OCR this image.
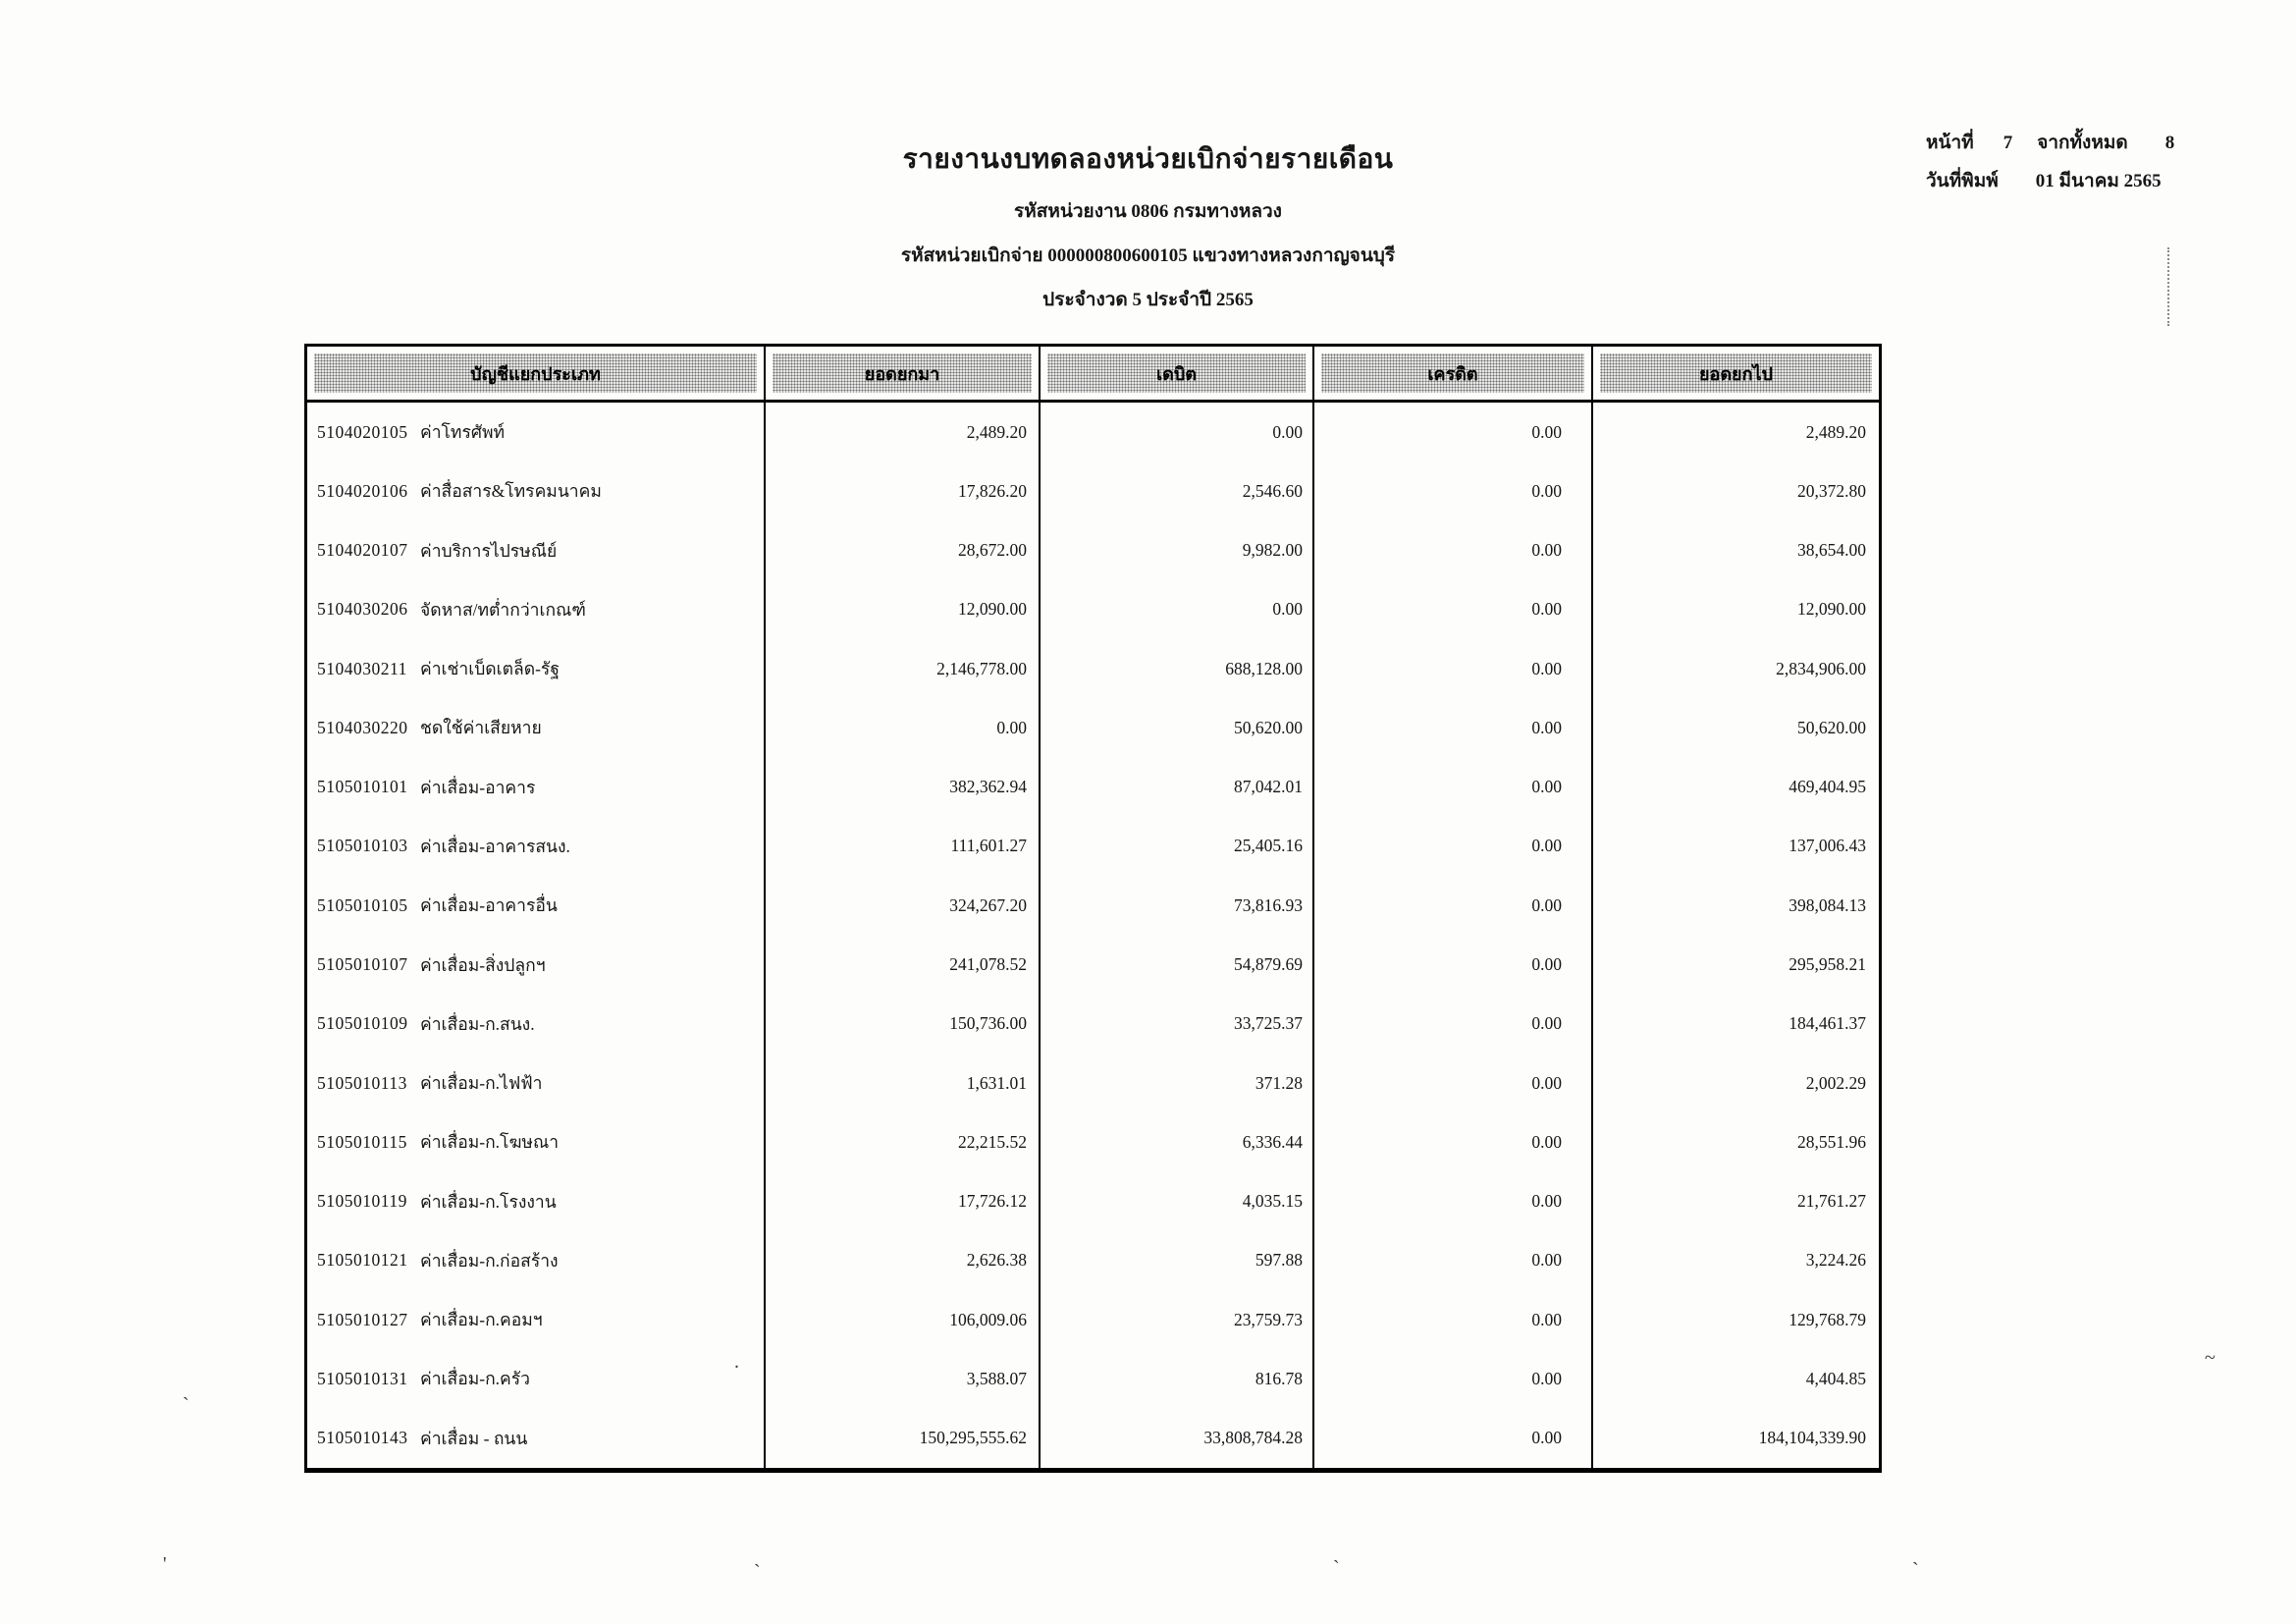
รายงานงบทดลองหน่วยเบิกจ่ายรายเดือน
รหัสหน่วยงาน 0806 กรมทางหลวง
รหัสหน่วยเบิกจ่าย 000000800600105 แขวงทางหลวงกาญจนบุรี
ประจำงวด 5 ประจำปี 2565
หน้าที่ 7 จากทั้งหมด 8
วันที่พิมพ์ 01 มีนาคม 2565
บัญชีแยกประเภท	ยอดยกมา	เดบิต	เครดิต	ยอดยกไป
5104020105 ค่าโทรศัพท์	2,489.20	0.00	0.00	2,489.20
5104020106 ค่าสื่อสาร&โทรคมนาคม	17,826.20	2,546.60	0.00	20,372.80
5104020107 ค่าบริการไปรษณีย์	28,672.00	9,982.00	0.00	38,654.00
5104030206 จัดหาส/ทต่ำกว่าเกณฑ์	12,090.00	0.00	0.00	12,090.00
5104030211 ค่าเช่าเบ็ดเตล็ด-รัฐ	2,146,778.00	688,128.00	0.00	2,834,906.00
5104030220 ชดใช้ค่าเสียหาย	0.00	50,620.00	0.00	50,620.00
5105010101 ค่าเสื่อม-อาคาร	382,362.94	87,042.01	0.00	469,404.95
5105010103 ค่าเสื่อม-อาคารสนง.	111,601.27	25,405.16	0.00	137,006.43
5105010105 ค่าเสื่อม-อาคารอื่น	324,267.20	73,816.93	0.00	398,084.13
5105010107 ค่าเสื่อม-สิ่งปลูกฯ	241,078.52	54,879.69	0.00	295,958.21
5105010109 ค่าเสื่อม-ก.สนง.	150,736.00	33,725.37	0.00	184,461.37
5105010113 ค่าเสื่อม-ก.ไฟฟ้า	1,631.01	371.28	0.00	2,002.29
5105010115 ค่าเสื่อม-ก.โฆษณา	22,215.52	6,336.44	0.00	28,551.96
5105010119 ค่าเสื่อม-ก.โรงงาน	17,726.12	4,035.15	0.00	21,761.27
5105010121 ค่าเสื่อม-ก.ก่อสร้าง	2,626.38	597.88	0.00	3,224.26
5105010127 ค่าเสื่อม-ก.คอมฯ	106,009.06	23,759.73	0.00	129,768.79
5105010131 ค่าเสื่อม-ก.ครัว	3,588.07	816.78	0.00	4,404.85
5105010143 ค่าเสื่อม - ถนน	150,295,555.62	33,808,784.28	0.00	184,104,339.90
'	`	`	`
~
`
.
